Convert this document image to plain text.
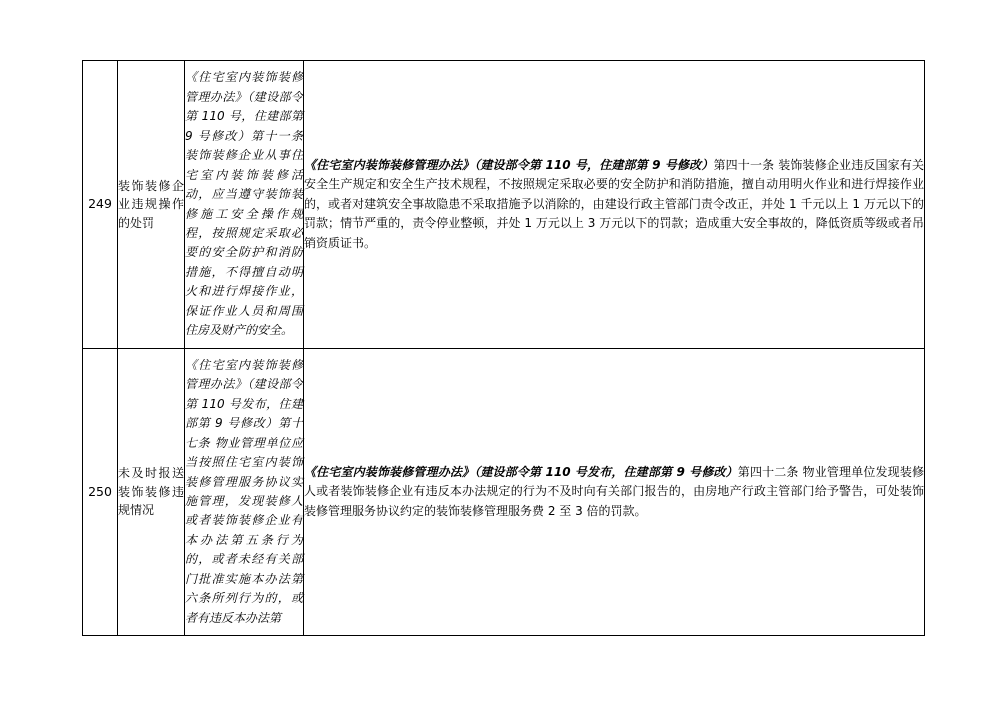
249	装饰装修企业违规操作的处罚	《住宅室内装饰装修管理办法》（建设部令第 110 号，住建部第 9 号修改）第十一条 装饰装修企业从事住宅室内装饰装修活动，应当遵守装饰装修施工安全操作规程，按照规定采取必要的安全防护和消防措施，不得擅自动明火和进行焊接作业，保证作业人员和周围住房及财产的安全。	《住宅室内装饰装修管理办法》（建设部令第 110 号，住建部第 9 号修改）第四十一条 装饰装修企业违反国家有关安全生产规定和安全生产技术规程，不按照规定采取必要的安全防护和消防措施，擅自动用明火作业和进行焊接作业的，或者对建筑安全事故隐患不采取措施予以消除的，由建设行政主管部门责令改正，并处 1 千元以上 1 万元以下的罚款；情节严重的，责令停业整顿，并处 1 万元以上 3 万元以下的罚款；造成重大安全事故的，降低资质等级或者吊销资质证书。
250	未及时报送装饰装修违规情况	《住宅室内装饰装修管理办法》（建设部令第 110 号发布，住建部第 9 号修改）第十七条 物业管理单位应当按照住宅室内装饰装修管理服务协议实施管理，发现装修人或者装饰装修企业有本办法第五条行为的，或者未经有关部门批准实施本办法第六条所列行为的，或者有违反本办法第	《住宅室内装饰装修管理办法》（建设部令第 110 号发布，住建部第 9 号修改）第四十二条 物业管理单位发现装修人或者装饰装修企业有违反本办法规定的行为不及时向有关部门报告的，由房地产行政主管部门给予警告，可处装饰装修管理服务协议约定的装饰装修管理服务费 2 至 3 倍的罚款。
